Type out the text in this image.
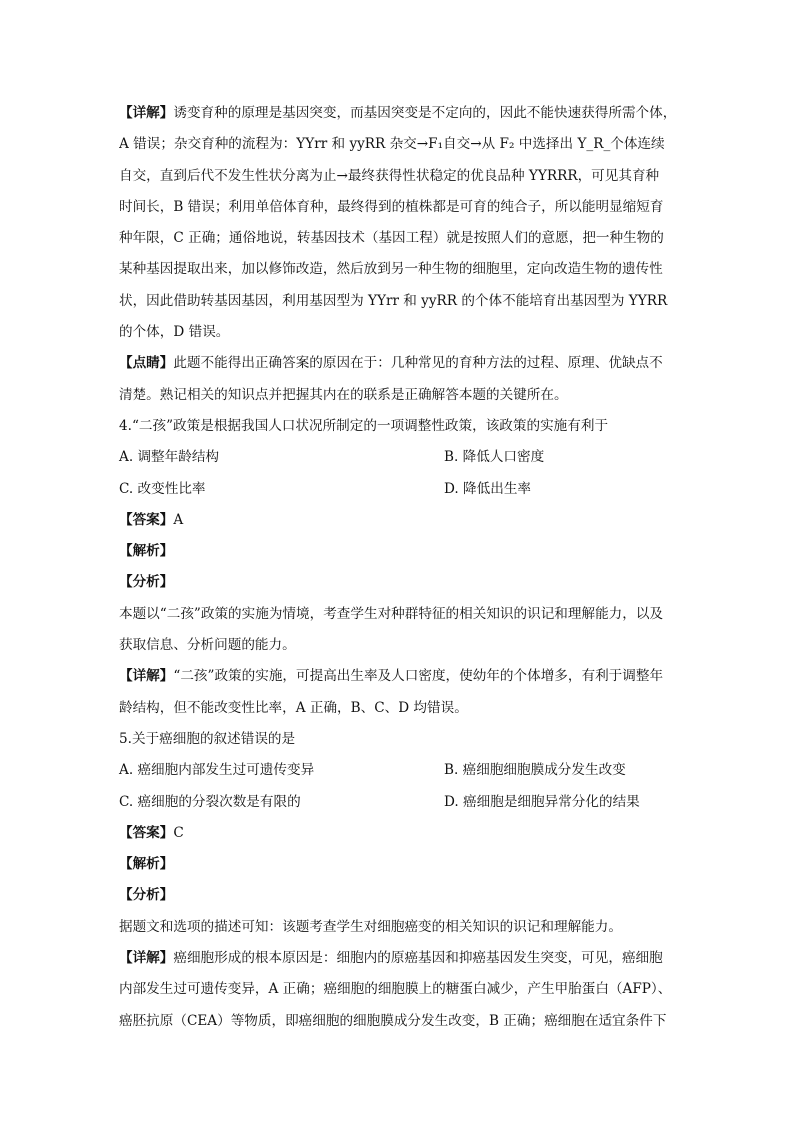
【详解】诱变育种的原理是基因突变，而基因突变是不定向的，因此不能快速获得所需个体，
A 错误；杂交育种的流程为：YYrr 和 yyRR 杂交→F₁自交→从 F₂ 中选择出 Y_R_个体连续
自交，直到后代不发生性状分离为止→最终获得性状稳定的优良品种 YYRRR，可见其育种
时间长，B 错误；利用单倍体育种，最终得到的植株都是可育的纯合子，所以能明显缩短育
种年限，C 正确；通俗地说，转基因技术（基因工程）就是按照人们的意愿，把一种生物的
某种基因提取出来，加以修饰改造，然后放到另一种生物的细胞里，定向改造生物的遗传性
状，因此借助转基因基因，利用基因型为 YYrr 和 yyRR 的个体不能培育出基因型为 YYRR
的个体，D 错误。
【点睛】此题不能得出正确答案的原因在于：几种常见的育种方法的过程、原理、优缺点不
清楚。熟记相关的知识点并把握其内在的联系是正确解答本题的关键所在。
4.“二孩”政策是根据我国人口状况所制定的一项调整性政策，该政策的实施有利于
A. 调整年龄结构	B. 降低人口密度
C. 改变性比率	D. 降低出生率
【答案】A
【解析】
【分析】
本题以“二孩”政策的实施为情境，考查学生对种群特征的相关知识的识记和理解能力，以及
获取信息、分析问题的能力。
【详解】“二孩”政策的实施，可提高出生率及人口密度，使幼年的个体增多，有利于调整年
龄结构，但不能改变性比率，A 正确，B、C、D 均错误。
5.关于癌细胞的叙述错误的是
A. 癌细胞内部发生过可遗传变异	B. 癌细胞细胞膜成分发生改变
C. 癌细胞的分裂次数是有限的	D. 癌细胞是细胞异常分化的结果
【答案】C
【解析】
【分析】
据题文和选项的描述可知：该题考查学生对细胞癌变的相关知识的识记和理解能力。
【详解】癌细胞形成的根本原因是：细胞内的原癌基因和抑癌基因发生突变，可见，癌细胞
内部发生过可遗传变异，A 正确；癌细胞的细胞膜上的糖蛋白减少，产生甲胎蛋白（AFP）、
癌胚抗原（CEA）等物质，即癌细胞的细胞膜成分发生改变，B 正确；癌细胞在适宜条件下
